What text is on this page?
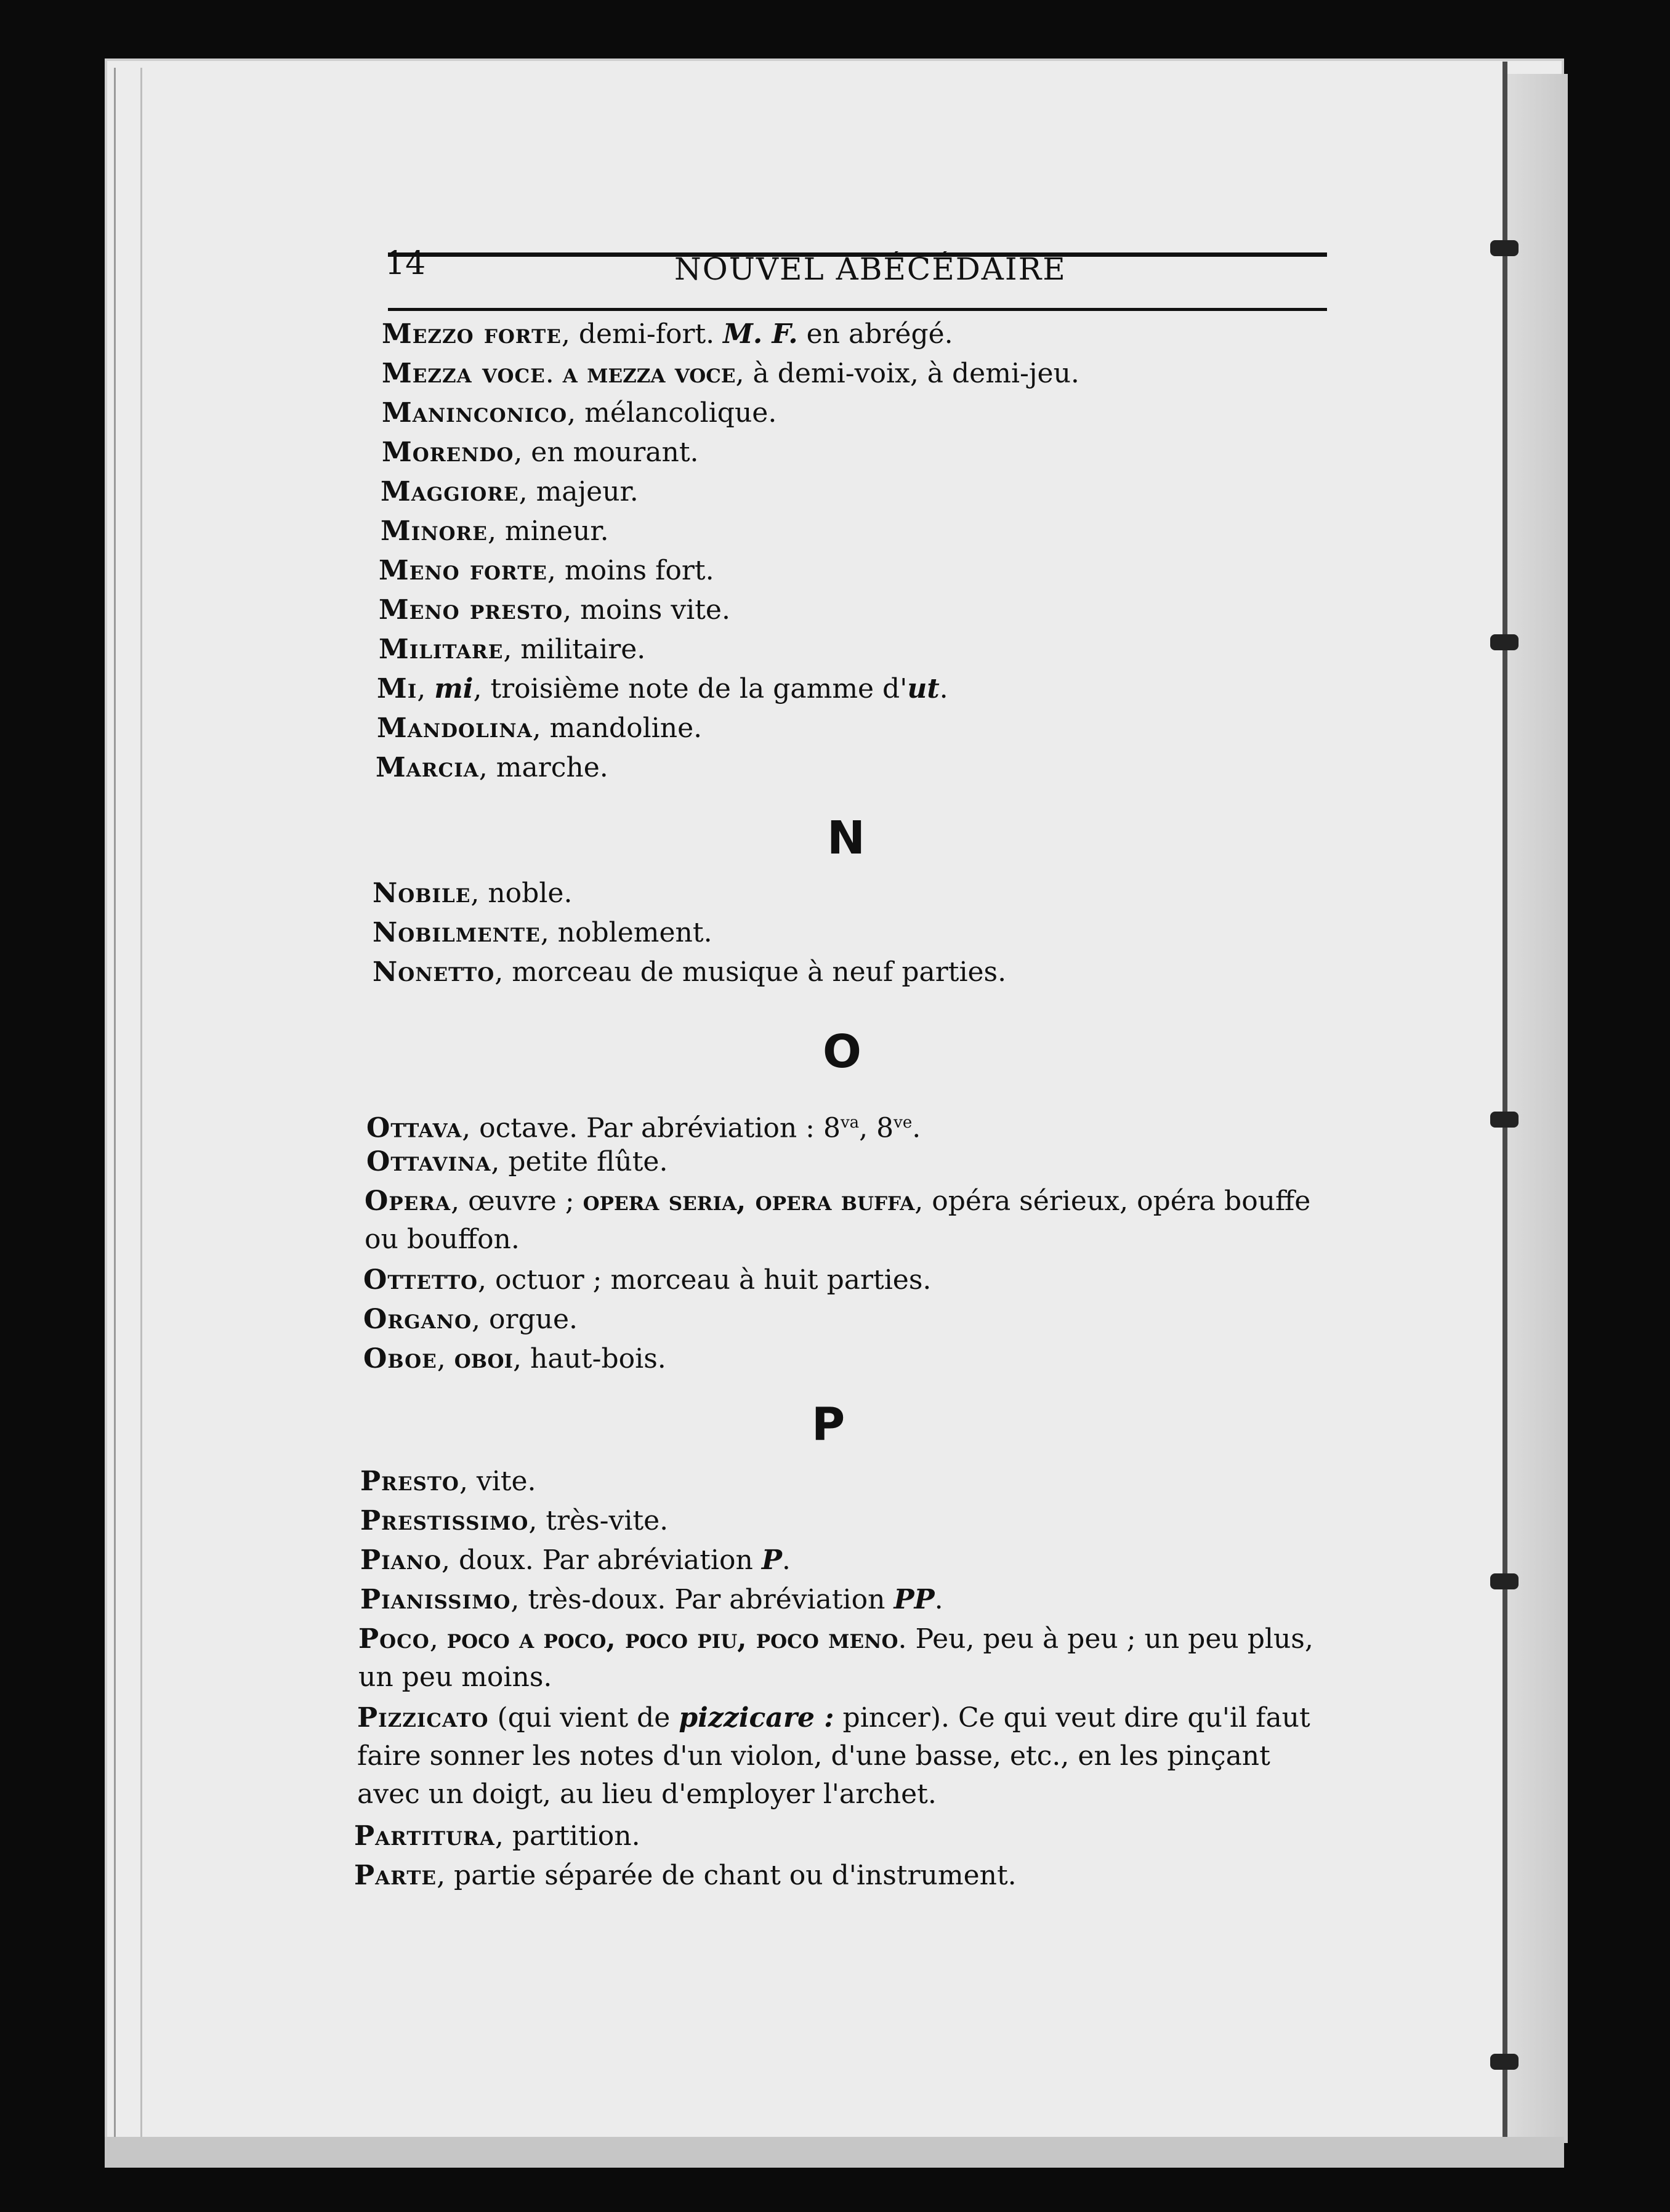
14	NOUVEL ABÉCÉDAIRE

Mezzo forte, demi-fort. M. F. en abrégé.

Mezza voce. a mezza voce, à demi-voix, à demi-jeu.

Maninconico, mélancolique.

Morendo, en mourant.

Maggiore, majeur.

Minore, mineur.

Meno forte, moins fort.

Meno presto, moins vite.

Militare, militaire.

Mi, mi, troisième note de la gamme d'ut.

Mandolina, mandoline.

Marcia, marche.

N

Nobile, noble.

Nobilmente, noblement.

Nonetto, morceau de musique à neuf parties.

O

Ottava, octave. Par abréviation : $8^{va}$, $8^{ve}$.

Ottavina, petite flûte.

Opera, œuvre ; opera seria, opera buffa, opéra sérieux, opéra bouffe ou bouffon.

Ottetto, octuor ; morceau à huit parties.

Organo, orgue.

Oboe, oboi, haut-bois.

P

Presto, vite.

Prestissimo, très-vite.

Piano, doux. Par abréviation P.

Pianissimo, très-doux. Par abréviation PP.

Poco, poco a poco, poco piu, poco meno. Peu, peu à peu ; un peu plus, un peu moins.

Pizzicato (qui vient de pizzicare : pincer). Ce qui veut dire qu'il faut faire sonner les notes d'un violon, d'une basse, etc., en les pinçant avec un doigt, au lieu d'employer l'archet.

Partitura, partition.

Parte, partie séparée de chant ou d'instrument.
